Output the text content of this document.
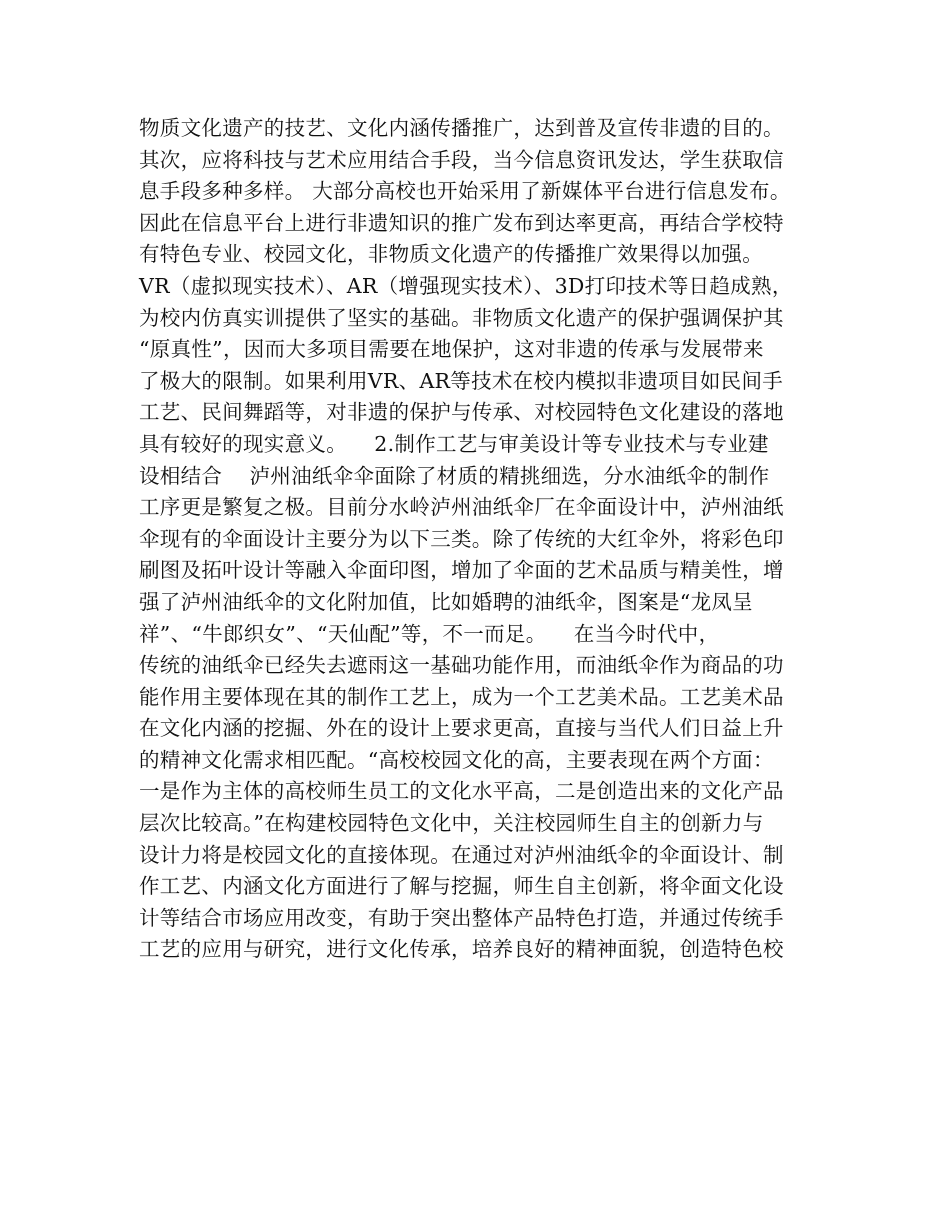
物质文化遗产的技艺、文化内涵传播推广，达到普及宣传非遗的目的。
其次，应将科技与艺术应用结合手段，当今信息资讯发达，学生获取信
息手段多种多样。 大部分高校也开始采用了新媒体平台进行信息发布。
因此在信息平台上进行非遗知识的推广发布到达率更高，再结合学校特
有特色专业、校园文化，非物质文化遗产的传播推广效果得以加强。
VR（虚拟现实技术）、AR（增强现实技术）、3D打印技术等日趋成熟，
为校内仿真实训提供了坚实的基础。非物质文化遗产的保护强调保护其
“原真性”，因而大多项目需要在地保护，这对非遗的传承与发展带来
了极大的限制。如果利用VR、AR等技术在校内模拟非遗项目如民间手
工艺、民间舞蹈等，对非遗的保护与传承、对校园特色文化建设的落地
具有较好的现实意义。    2.制作工艺与审美设计等专业技术与专业建
设相结合    泸州油纸伞伞面除了材质的精挑细选，分水油纸伞的制作
工序更是繁复之极。目前分水岭泸州油纸伞厂在伞面设计中，泸州油纸
伞现有的伞面设计主要分为以下三类。除了传统的大红伞外，将彩色印
刷图及拓叶设计等融入伞面印图，增加了伞面的艺术品质与精美性，增
强了泸州油纸伞的文化附加值，比如婚聘的油纸伞，图案是“龙凤呈
祥”、“牛郎织女”、“天仙配”等，不一而足。    在当今时代中，
传统的油纸伞已经失去遮雨这一基础功能作用，而油纸伞作为商品的功
能作用主要体现在其的制作工艺上，成为一个工艺美术品。工艺美术品
在文化内涵的挖掘、外在的设计上要求更高，直接与当代人们日益上升
的精神文化需求相匹配。“高校校园文化的高，主要表现在两个方面：
一是作为主体的高校师生员工的文化水平高，二是创造出来的文化产品
层次比较高。”在构建校园特色文化中，关注校园师生自主的创新力与
设计力将是校园文化的直接体现。在通过对泸州油纸伞的伞面设计、制
作工艺、内涵文化方面进行了解与挖掘，师生自主创新，将伞面文化设
计等结合市场应用改变，有助于突出整体产品特色打造，并通过传统手
工艺的应用与研究，进行文化传承，培养良好的精神面貌，创造特色校
